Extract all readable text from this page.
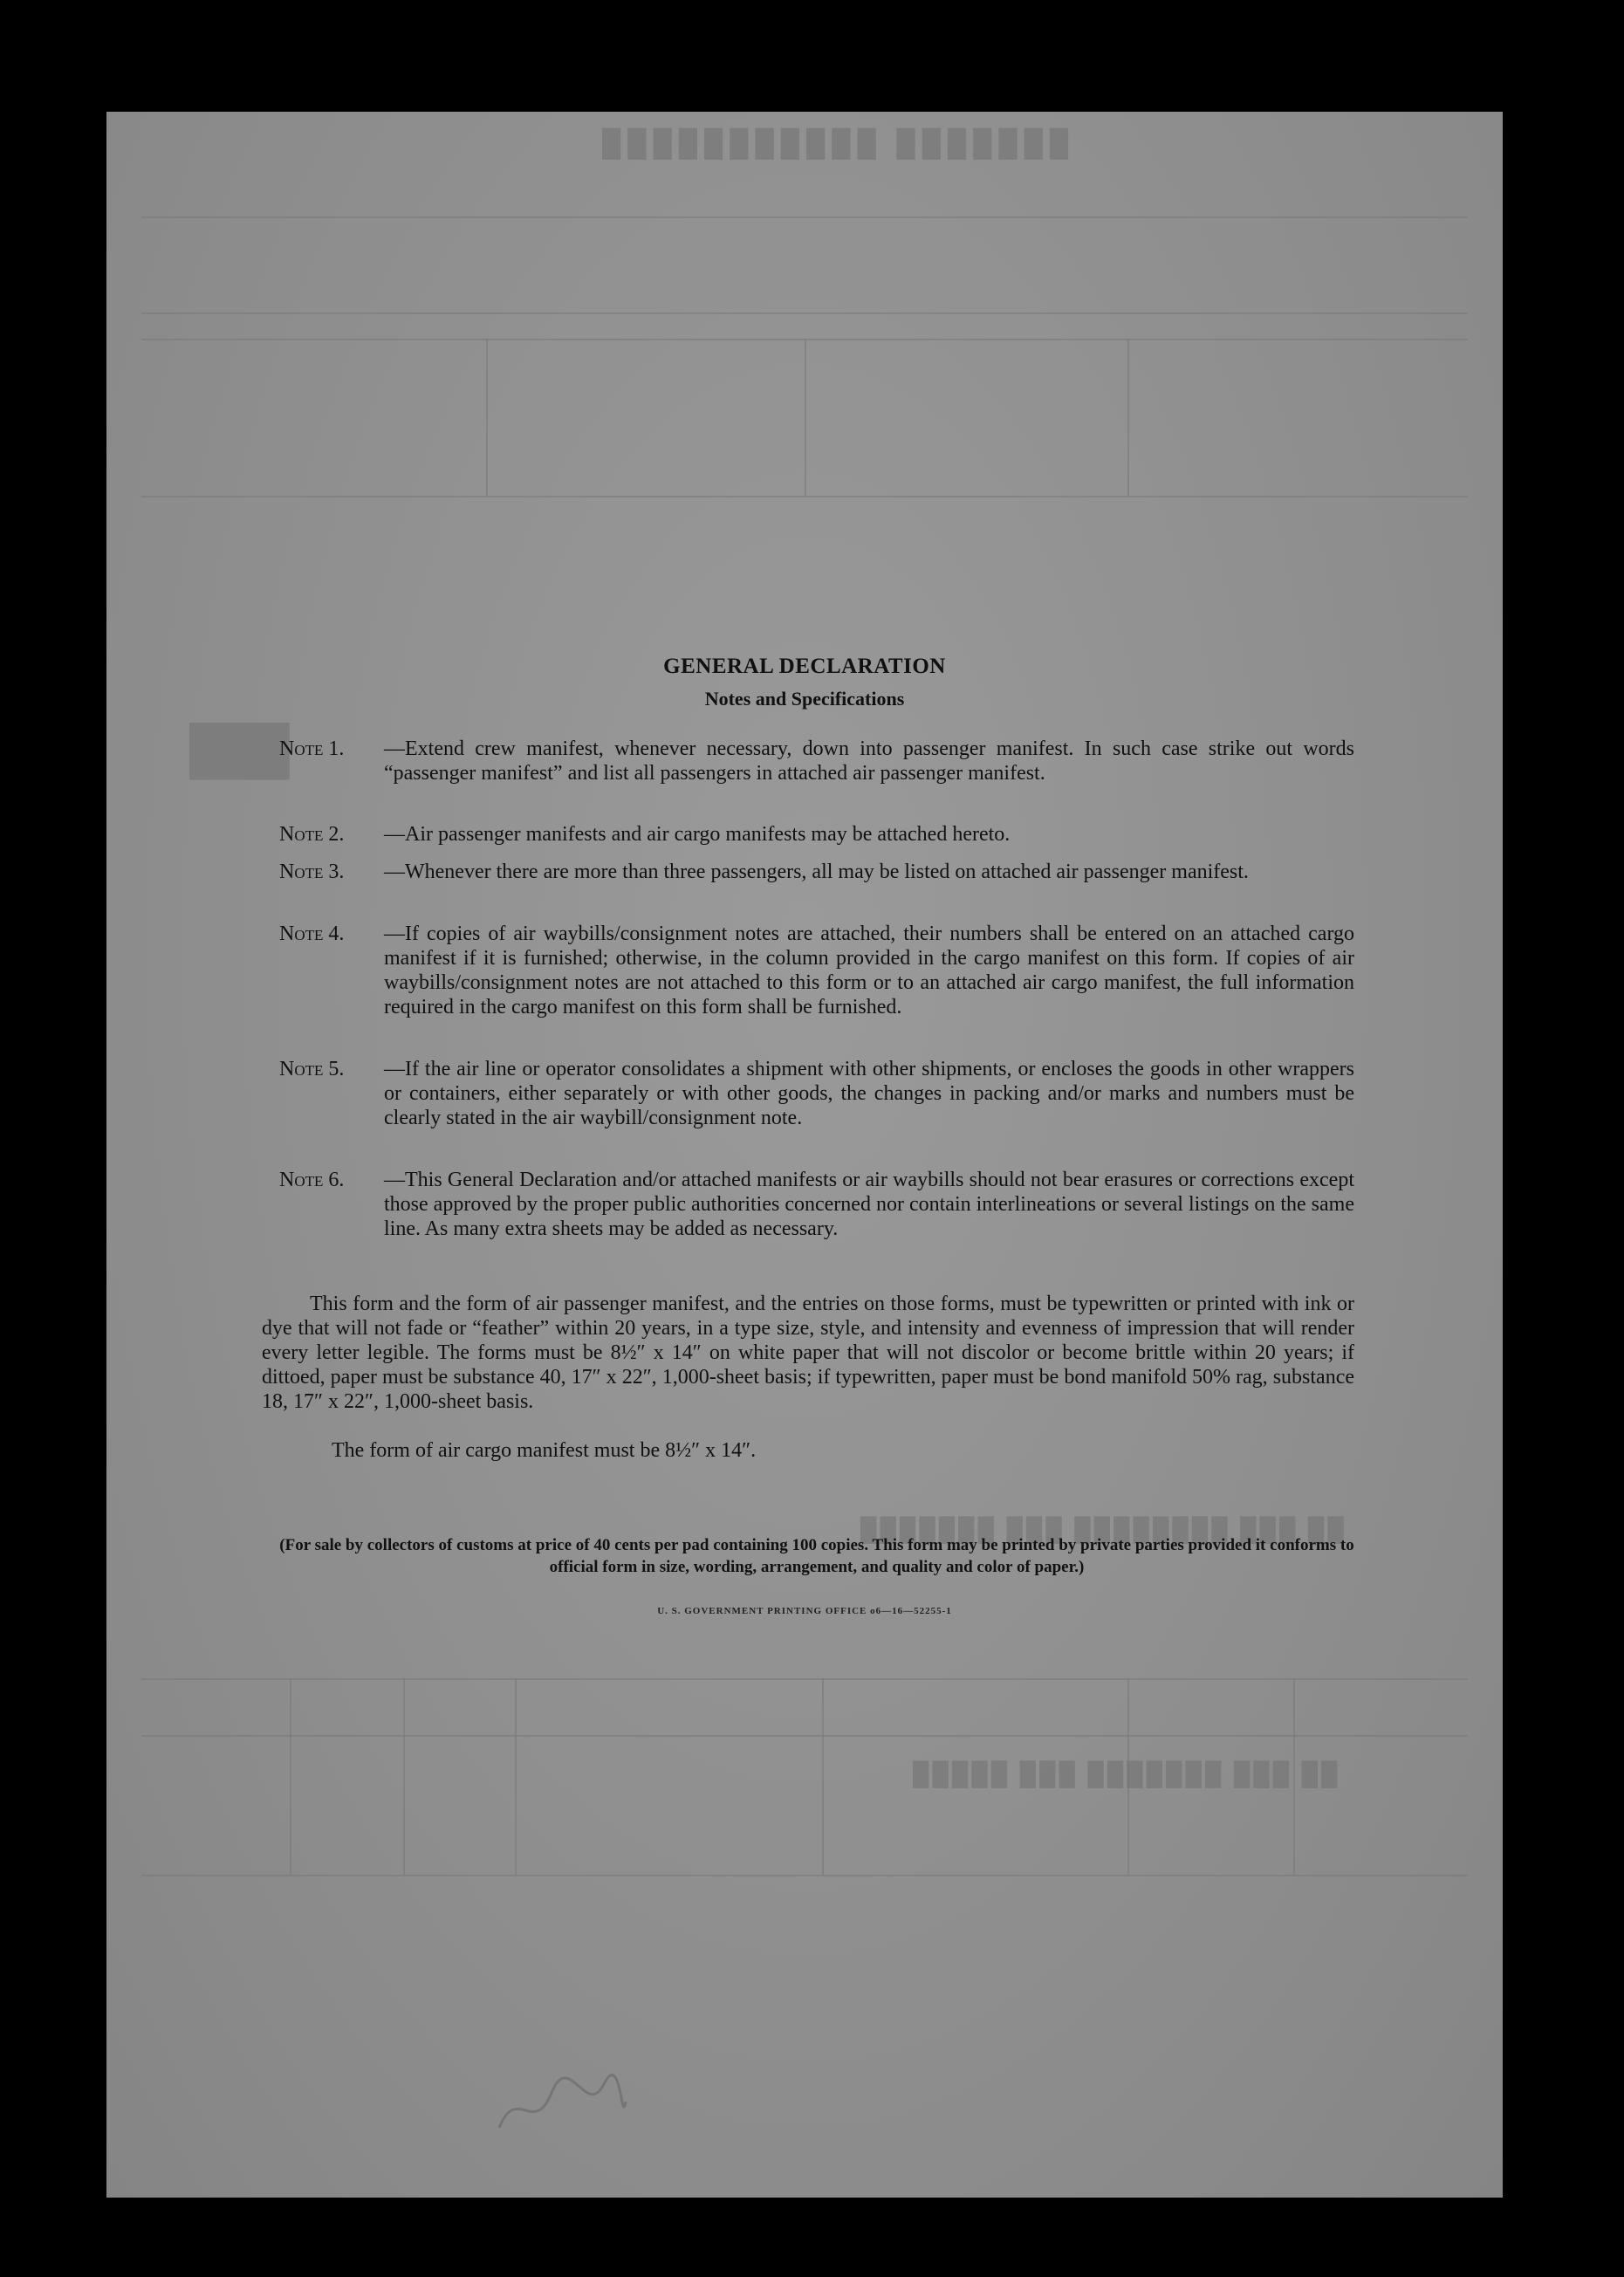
███████ ███████████
██ ███ ███████ ███ █████
██ ███ ████████ ███ ███████
███
GENERAL DECLARATION
Notes and Specifications
Note 1. —Extend crew manifest, whenever necessary, down into passenger manifest. In such case strike out words “passenger manifest” and list all passengers in attached air passenger manifest.
Note 2. —Air passenger manifests and air cargo manifests may be attached hereto.
Note 3. —Whenever there are more than three passengers, all may be listed on attached air passenger manifest.
Note 4. —If copies of air waybills/consignment notes are attached, their numbers shall be entered on an attached cargo manifest if it is furnished; otherwise, in the column provided in the cargo manifest on this form. If copies of air waybills/consignment notes are not attached to this form or to an attached air cargo manifest, the full information required in the cargo manifest on this form shall be furnished.
Note 5. —If the air line or operator consolidates a shipment with other shipments, or encloses the goods in other wrappers or containers, either separately or with other goods, the changes in packing and/or marks and numbers must be clearly stated in the air waybill/consignment note.
Note 6. —This General Declaration and/or attached manifests or air waybills should not bear erasures or corrections except those approved by the proper public authorities concerned nor contain interlineations or several listings on the same line. As many extra sheets may be added as necessary.
This form and the form of air passenger manifest, and the entries on those forms, must be typewritten or printed with ink or dye that will not fade or “feather” within 20 years, in a type size, style, and intensity and evenness of impression that will render every letter legible. The forms must be 8½″ x 14″ on white paper that will not discolor or become brittle within 20 years; if dittoed, paper must be substance 40, 17″ x 22″, 1,000-sheet basis; if typewritten, paper must be bond manifold 50% rag, substance 18, 17″ x 22″, 1,000-sheet basis.
The form of air cargo manifest must be 8½″ x 14″.
(For sale by collectors of customs at price of 40 cents per pad containing 100 copies. This form may be printed by private parties provided it conforms to official form in size, wording, arrangement, and quality and color of paper.)
U. S. GOVERNMENT PRINTING OFFICE o6—16—52255-1
